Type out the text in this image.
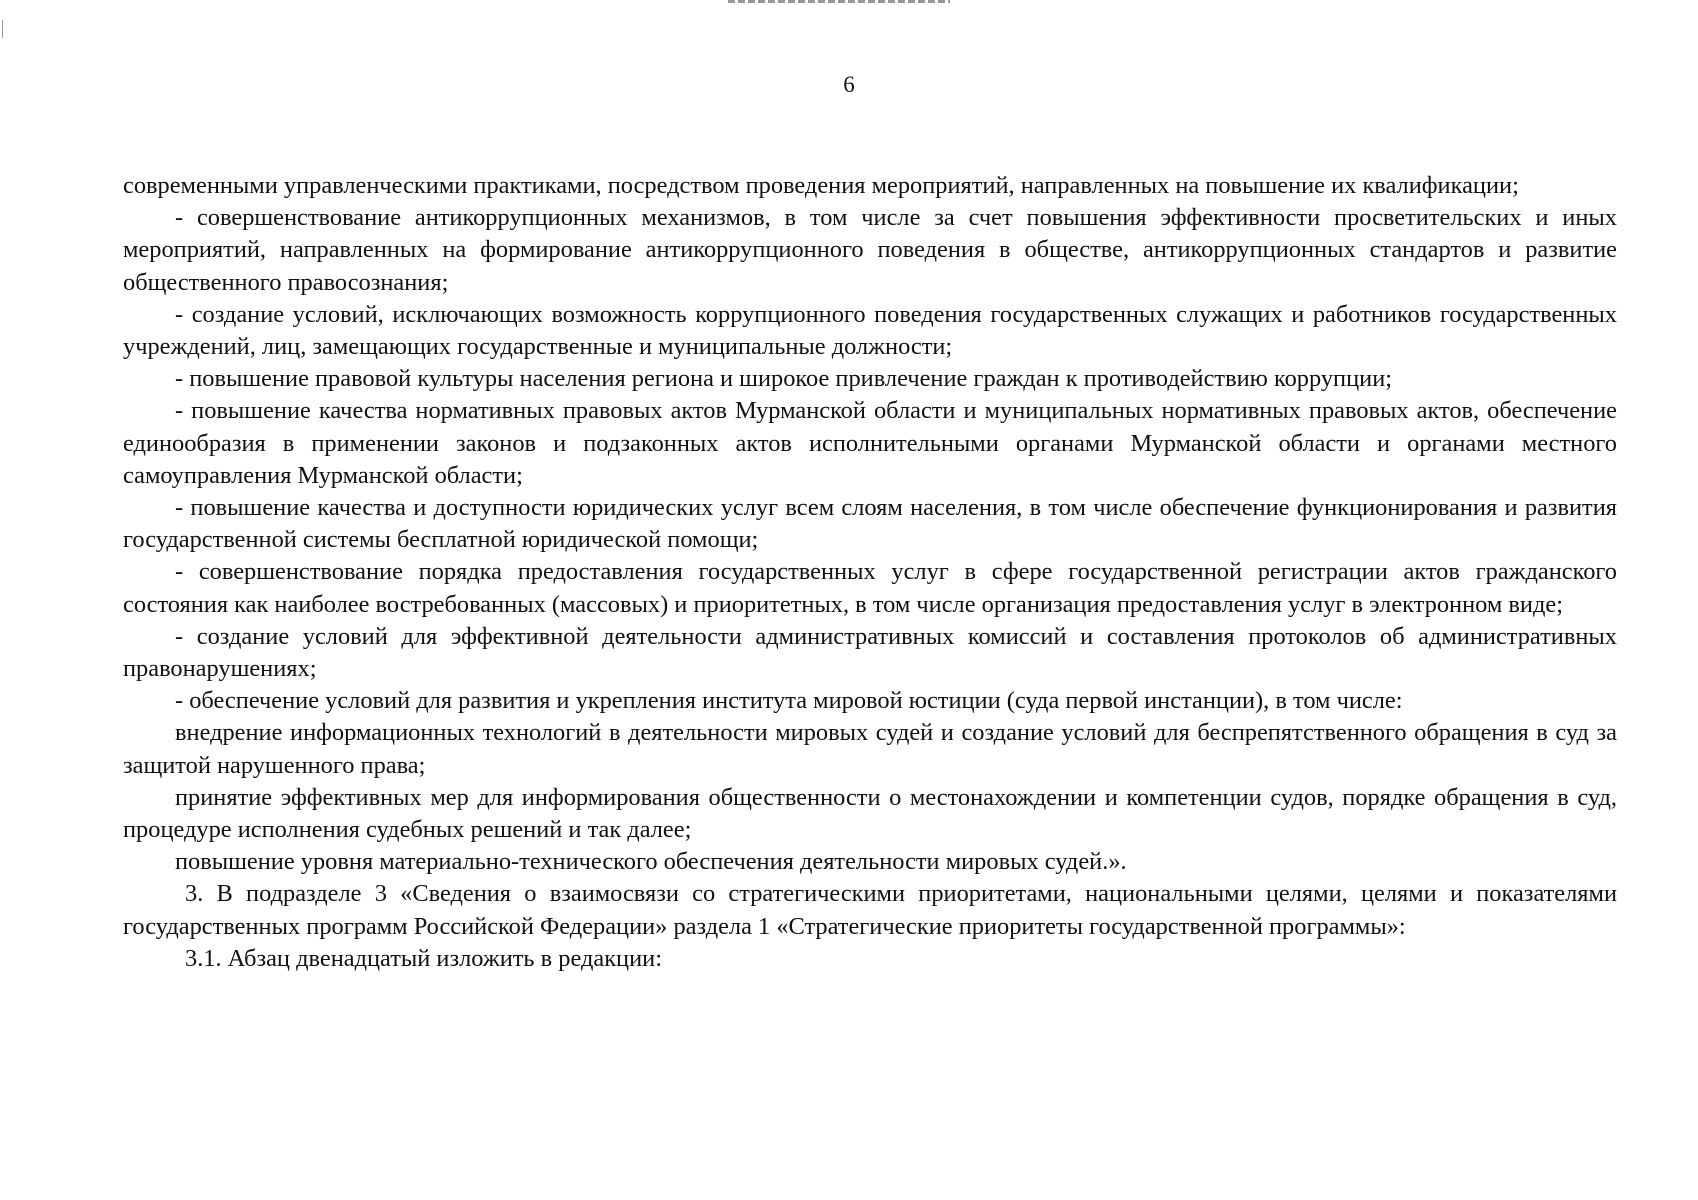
6

современными управленческими практиками, посредством проведения мероприятий, направленных на повышение их квалификации;

- совершенствование антикоррупционных механизмов, в том числе за счет повышения эффективности просветительских и иных мероприятий, направленных на формирование антикоррупционного поведения в обществе, антикоррупционных стандартов и развитие общественного правосознания;

- создание условий, исключающих возможность коррупционного поведения государственных служащих и работников государственных учреждений, лиц, замещающих государственные и муниципальные должности;

- повышение правовой культуры населения региона и широкое привлечение граждан к противодействию коррупции;

- повышение качества нормативных правовых актов Мурманской области и муниципальных нормативных правовых актов, обеспечение единообразия в применении законов и подзаконных актов исполнительными органами Мурманской области и органами местного самоуправления Мурманской области;

- повышение качества и доступности юридических услуг всем слоям населения, в том числе обеспечение функционирования и развития государственной системы бесплатной юридической помощи;

- совершенствование порядка предоставления государственных услуг в сфере государственной регистрации актов гражданского состояния как наиболее востребованных (массовых) и приоритетных, в том числе организация предоставления услуг в электронном виде;

- создание условий для эффективной деятельности административных комиссий и составления протоколов об административных правонарушениях;

- обеспечение условий для развития и укрепления института мировой юстиции (суда первой инстанции), в том числе:

внедрение информационных технологий в деятельности мировых судей и создание условий для беспрепятственного обращения в суд за защитой нарушенного права;

принятие эффективных мер для информирования общественности о местонахождении и компетенции судов, порядке обращения в суд, процедуре исполнения судебных решений и так далее;

повышение уровня материально-технического обеспечения деятельности мировых судей.».

3. В подразделе 3 «Сведения о взаимосвязи со стратегическими приоритетами, национальными целями, целями и показателями государственных программ Российской Федерации» раздела 1 «Стратегические приоритеты государственной программы»:

3.1. Абзац двенадцатый изложить в редакции:
